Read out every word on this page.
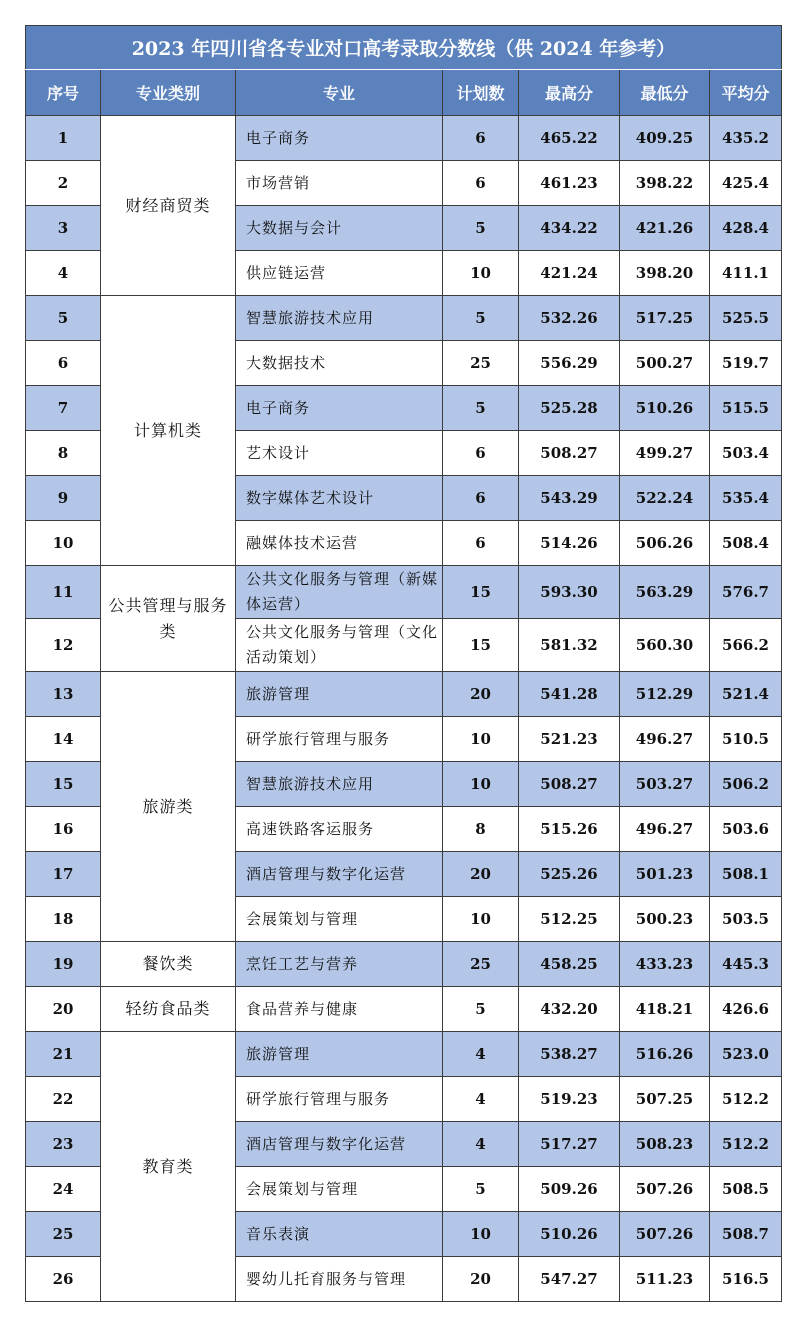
2023 年四川省各专业对口高考录取分数线（供 2024 年参考）						
序号	专业类别	专业	计划数	最高分	最低分	平均分
1	财经商贸类	电子商务	6	465.22	409.25	435.2
2		市场营销	6	461.23	398.22	425.4
3		大数据与会计	5	434.22	421.26	428.4
4		供应链运营	10	421.24	398.20	411.1
5	计算机类	智慧旅游技术应用	5	532.26	517.25	525.5
6		大数据技术	25	556.29	500.27	519.7
7		电子商务	5	525.28	510.26	515.5
8		艺术设计	6	508.27	499.27	503.4
9		数字媒体艺术设计	6	543.29	522.24	535.4
10		融媒体技术运营	6	514.26	506.26	508.4
11	公共管理与服务类	公共文化服务与管理（新媒体运营）	15	593.30	563.29	576.7
12		公共文化服务与管理（文化活动策划）	15	581.32	560.30	566.2
13	旅游类	旅游管理	20	541.28	512.29	521.4
14		研学旅行管理与服务	10	521.23	496.27	510.5
15		智慧旅游技术应用	10	508.27	503.27	506.2
16		高速铁路客运服务	8	515.26	496.27	503.6
17		酒店管理与数字化运营	20	525.26	501.23	508.1
18		会展策划与管理	10	512.25	500.23	503.5
19	餐饮类	烹饪工艺与营养	25	458.25	433.23	445.3
20	轻纺食品类	食品营养与健康	5	432.20	418.21	426.6
21	教育类	旅游管理	4	538.27	516.26	523.0
22		研学旅行管理与服务	4	519.23	507.25	512.2
23		酒店管理与数字化运营	4	517.27	508.23	512.2
24		会展策划与管理	5	509.26	507.26	508.5
25		音乐表演	10	510.26	507.26	508.7
26		婴幼儿托育服务与管理	20	547.27	511.23	516.5
